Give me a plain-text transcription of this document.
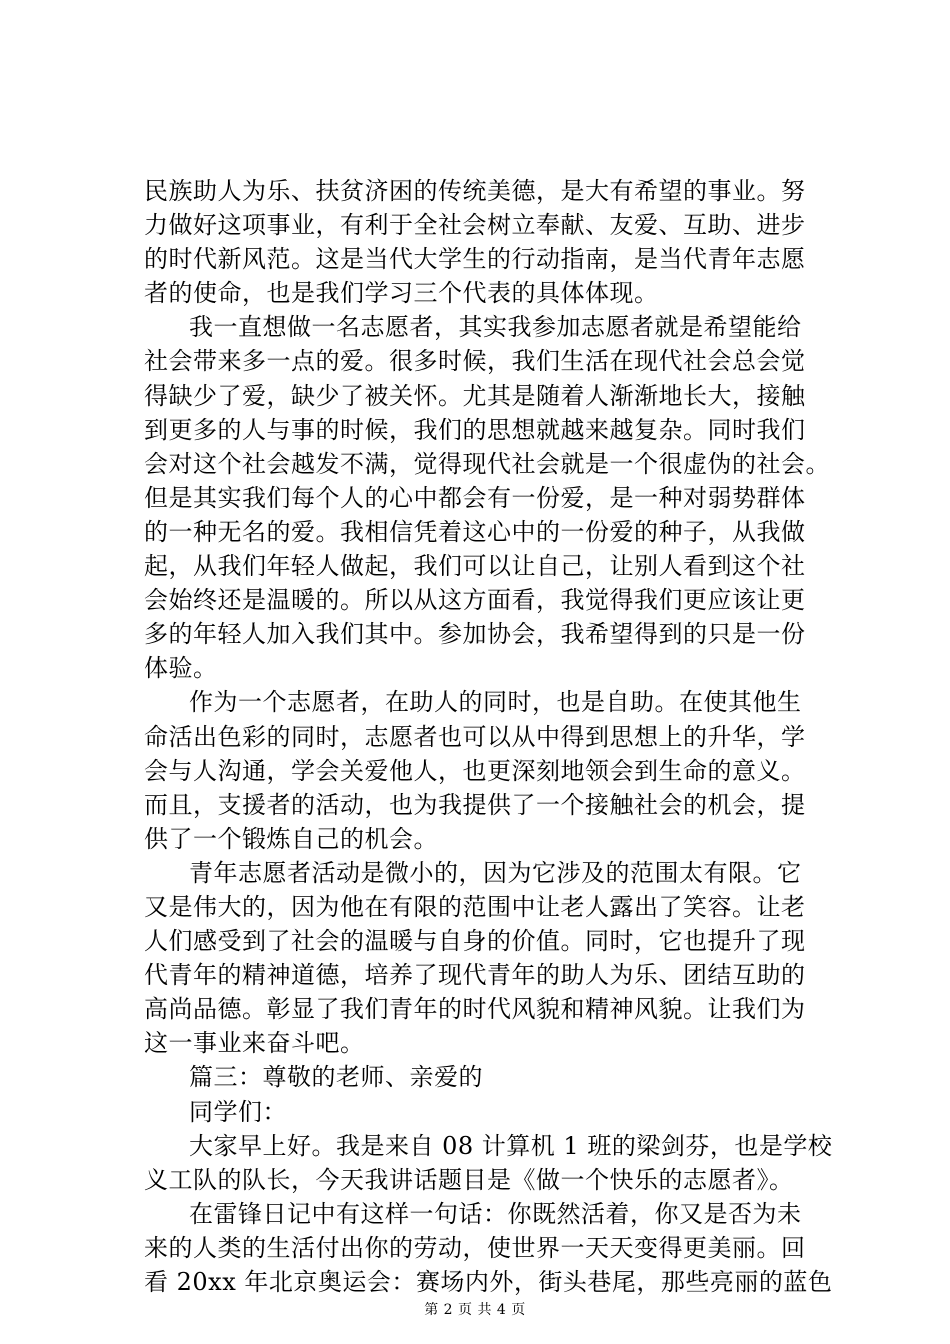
民族助人为乐、扶贫济困的传统美德，是大有希望的事业。努
力做好这项事业，有利于全社会树立奉献、友爱、互助、进步
的时代新风范。这是当代大学生的行动指南，是当代青年志愿
者的使命，也是我们学习三个代表的具体体现。
我一直想做一名志愿者，其实我参加志愿者就是希望能给
社会带来多一点的爱。很多时候，我们生活在现代社会总会觉
得缺少了爱，缺少了被关怀。尤其是随着人渐渐地长大，接触
到更多的人与事的时候，我们的思想就越来越复杂。同时我们
会对这个社会越发不满，觉得现代社会就是一个很虚伪的社会。
但是其实我们每个人的心中都会有一份爱，是一种对弱势群体
的一种无名的爱。我相信凭着这心中的一份爱的种子，从我做
起，从我们年轻人做起，我们可以让自己，让别人看到这个社
会始终还是温暖的。所以从这方面看，我觉得我们更应该让更
多的年轻人加入我们其中。参加协会，我希望得到的只是一份
体验。
作为一个志愿者，在助人的同时，也是自助。在使其他生
命活出色彩的同时，志愿者也可以从中得到思想上的升华，学
会与人沟通，学会关爱他人，也更深刻地领会到生命的意义。
而且，支援者的活动，也为我提供了一个接触社会的机会，提
供了一个锻炼自己的机会。
青年志愿者活动是微小的，因为它涉及的范围太有限。它
又是伟大的，因为他在有限的范围中让老人露出了笑容。让老
人们感受到了社会的温暖与自身的价值。同时，它也提升了现
代青年的精神道德，培养了现代青年的助人为乐、团结互助的
高尚品德。彰显了我们青年的时代风貌和精神风貌。让我们为
这一事业来奋斗吧。
篇三：尊敬的老师、亲爱的
同学们：
大家早上好。我是来自 08 计算机 1 班的梁剑芬，也是学校
义工队的队长，今天我讲话题目是《做一个快乐的志愿者》。
在雷锋日记中有这样一句话：你既然活着，你又是否为未
来的人类的生活付出你的劳动，使世界一天天变得更美丽。回
看 20xx 年北京奥运会：赛场内外，街头巷尾，那些亮丽的蓝色
第 2 页 共 4 页
